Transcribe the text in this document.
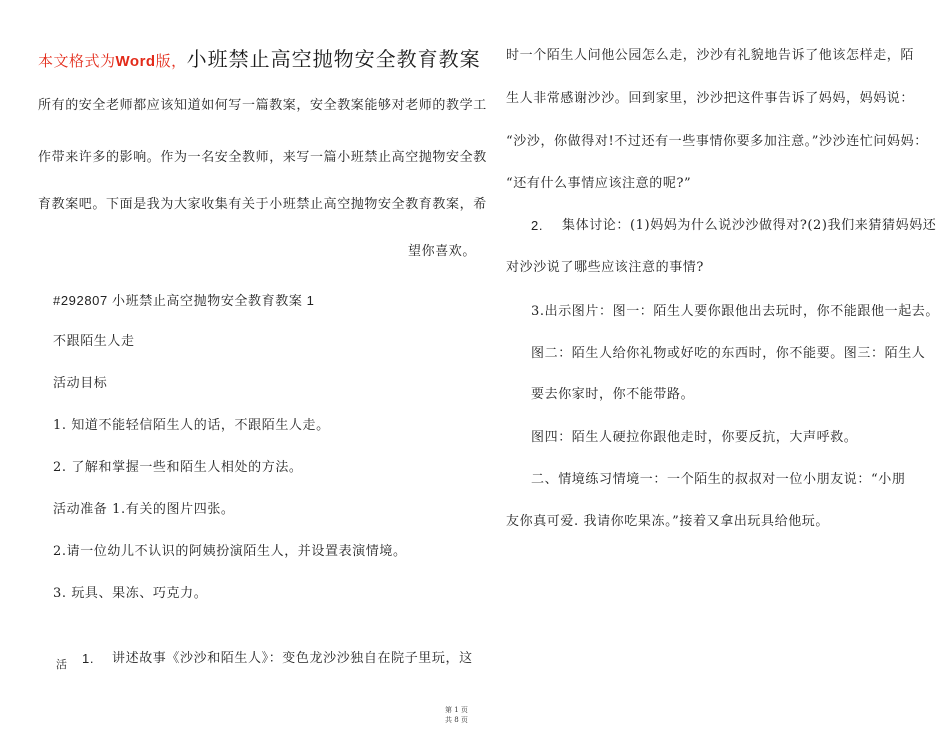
本文格式为Word版，小班禁止高空抛物安全教育教案
所有的安全老师都应该知道如何写一篇教案，安全教案能够对老师的教学工
作带来许多的影响。作为一名安全教师，来写一篇小班禁止高空抛物安全教
育教案吧。下面是我为大家收集有关于小班禁止高空抛物安全教育教案，希
望你喜欢。
#292807 小班禁止高空抛物安全教育教案 1
不跟陌生人走
活动目标
1. 知道不能轻信陌生人的话，不跟陌生人走。
2. 了解和掌握一些和陌生人相处的方法。
活动准备 1.有关的图片四张。
2.请一位幼儿不认识的阿姨扮演陌生人，并设置表演情境。
3. 玩具、果冻、巧克力。
活 1. 讲述故事《沙沙和陌生人》：变色龙沙沙独自在院子里玩，这
时一个陌生人问他公园怎么走，沙沙有礼貌地告诉了他该怎样走，陌
生人非常感谢沙沙。回到家里，沙沙把这件事告诉了妈妈，妈妈说：
“沙沙，你做得对!不过还有一些事情你要多加注意。”沙沙连忙问妈妈：
“还有什么事情应该注意的呢?”
2. 集体讨论：(1)妈妈为什么说沙沙做得对?(2)我们来猜猜妈妈还
对沙沙说了哪些应该注意的事情?
3.出示图片：图一：陌生人要你跟他出去玩时，你不能跟他一起去。
图二：陌生人给你礼物或好吃的东西时，你不能要。图三：陌生人
要去你家时，你不能带路。
图四：陌生人硬拉你跟他走时，你要反抗，大声呼救。
二、情境练习情境一：一个陌生的叔叔对一位小朋友说：“小朋
友你真可爱. 我请你吃果冻。”接着又拿出玩具给他玩。
第 1 页
共 8 页
